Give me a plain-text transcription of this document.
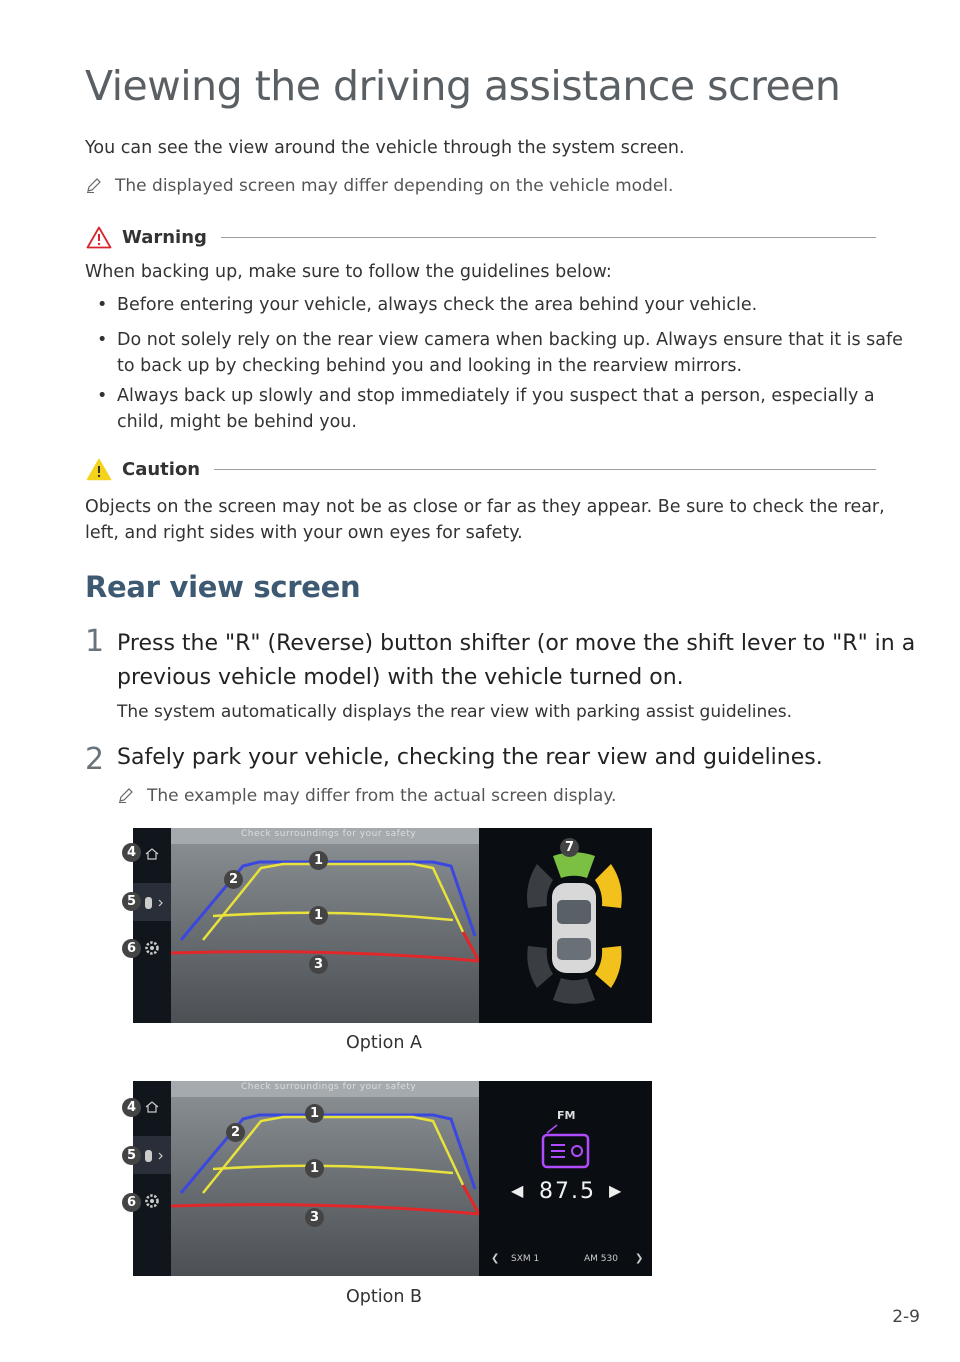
Viewing the driving assistance screen
You can see the view around the vehicle through the system screen.
The displayed screen may differ depending on the vehicle model.
Warning
When backing up, make sure to follow the guidelines below:
• Before entering your vehicle, always check the area behind your vehicle.
• Do not solely rely on the rear view camera when backing up. Always ensure that it is safe
to back up by checking behind you and looking in the rearview mirrors.
• Always back up slowly and stop immediately if you suspect that a person, especially a
child, might be behind you.
Caution
Objects on the screen may not be as close or far as they appear. Be sure to check the rear,
left, and right sides with your own eyes for safety.
Rear view screen
1 Press the "R" (Reverse) button shifter (or move the shift lever to "R" in a
previous vehicle model) with the vehicle turned on.
The system automatically displays the rear view with parking assist guidelines.
2 Safely park your vehicle, checking the rear view and guidelines.
The example may differ from the actual screen display.
Check surroundings for your safety
1
1
2
3
4
5
6
7
Option A
Check surroundings for your safety
FM
◀ 87.5 ▶
❮ SXM 1	AM 530 ❯
1
1
2
3
4
5
6
Option B
2-9
